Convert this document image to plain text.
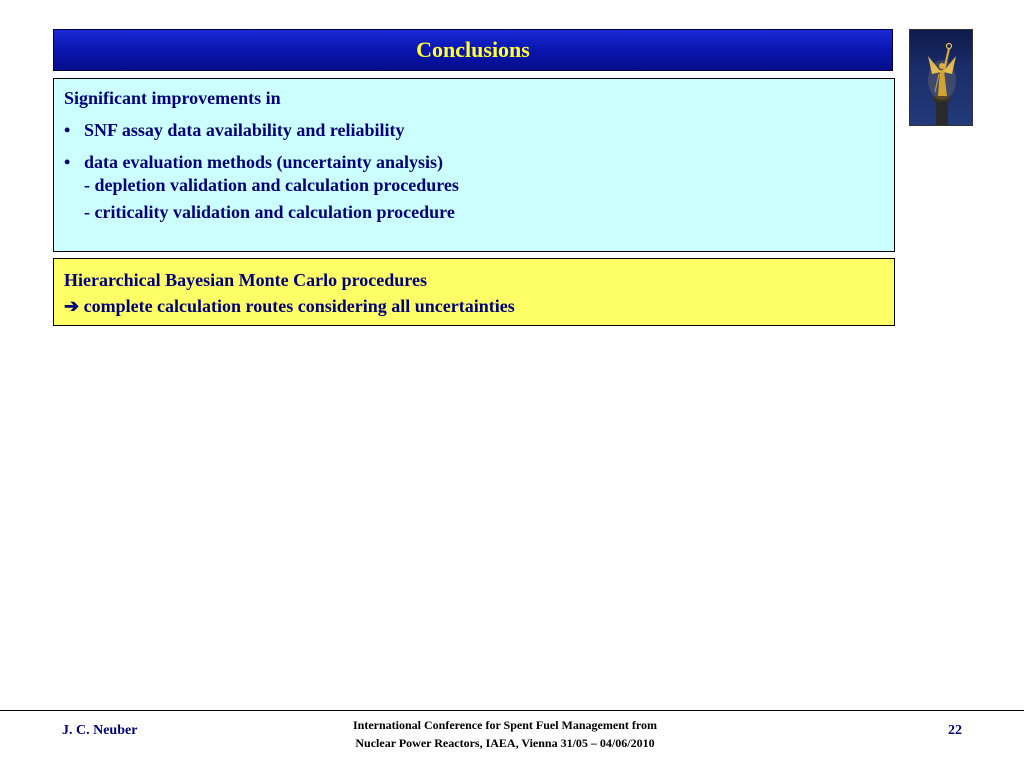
Conclusions
Significant improvements in
• SNF assay data availability and reliability
• data evaluation methods (uncertainty analysis)
- depletion validation and calculation procedures
- criticality validation and calculation procedure
Hierarchical Bayesian Monte Carlo procedures
➔ complete calculation routes considering all uncertainties
J. C. Neuber	International Conference for Spent Fuel Management from
Nuclear Power Reactors, IAEA, Vienna 31/05 – 04/06/2010
22
